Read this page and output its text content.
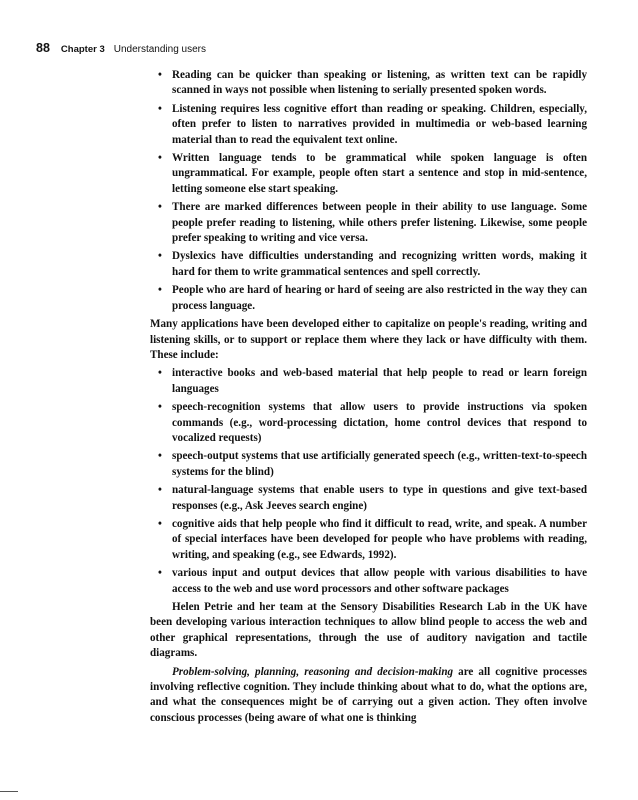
88 Chapter 3 Understanding users
• Reading can be quicker than speaking or listening, as written text can be rapidly scanned in ways not possible when listening to serially presented spoken words.
• Listening requires less cognitive effort than reading or speaking. Children, especially, often prefer to listen to narratives provided in multimedia or web-based learning material than to read the equivalent text online.
• Written language tends to be grammatical while spoken language is often ungrammatical. For example, people often start a sentence and stop in mid-sentence, letting someone else start speaking.
• There are marked differences between people in their ability to use language. Some people prefer reading to listening, while others prefer listening. Likewise, some people prefer speaking to writing and vice versa.
• Dyslexics have difficulties understanding and recognizing written words, making it hard for them to write grammatical sentences and spell correctly.
• People who are hard of hearing or hard of seeing are also restricted in the way they can process language.

Many applications have been developed either to capitalize on people's reading, writing and listening skills, or to support or replace them where they lack or have difficulty with them. These include:

• interactive books and web-based material that help people to read or learn foreign languages
• speech-recognition systems that allow users to provide instructions via spoken commands (e.g., word-processing dictation, home control devices that respond to vocalized requests)
• speech-output systems that use artificially generated speech (e.g., written-text-to-speech systems for the blind)
• natural-language systems that enable users to type in questions and give text-based responses (e.g., Ask Jeeves search engine)
• cognitive aids that help people who find it difficult to read, write, and speak. A number of special interfaces have been developed for people who have problems with reading, writing, and speaking (e.g., see Edwards, 1992).
• various input and output devices that allow people with various disabilities to have access to the web and use word processors and other software packages

Helen Petrie and her team at the Sensory Disabilities Research Lab in the UK have been developing various interaction techniques to allow blind people to access the web and other graphical representations, through the use of auditory navigation and tactile diagrams.

Problem-solving, planning, reasoning and decision-making are all cognitive processes involving reflective cognition. They include thinking about what to do, what the options are, and what the consequences might be of carrying out a given action. They often involve conscious processes (being aware of what one is thinking
